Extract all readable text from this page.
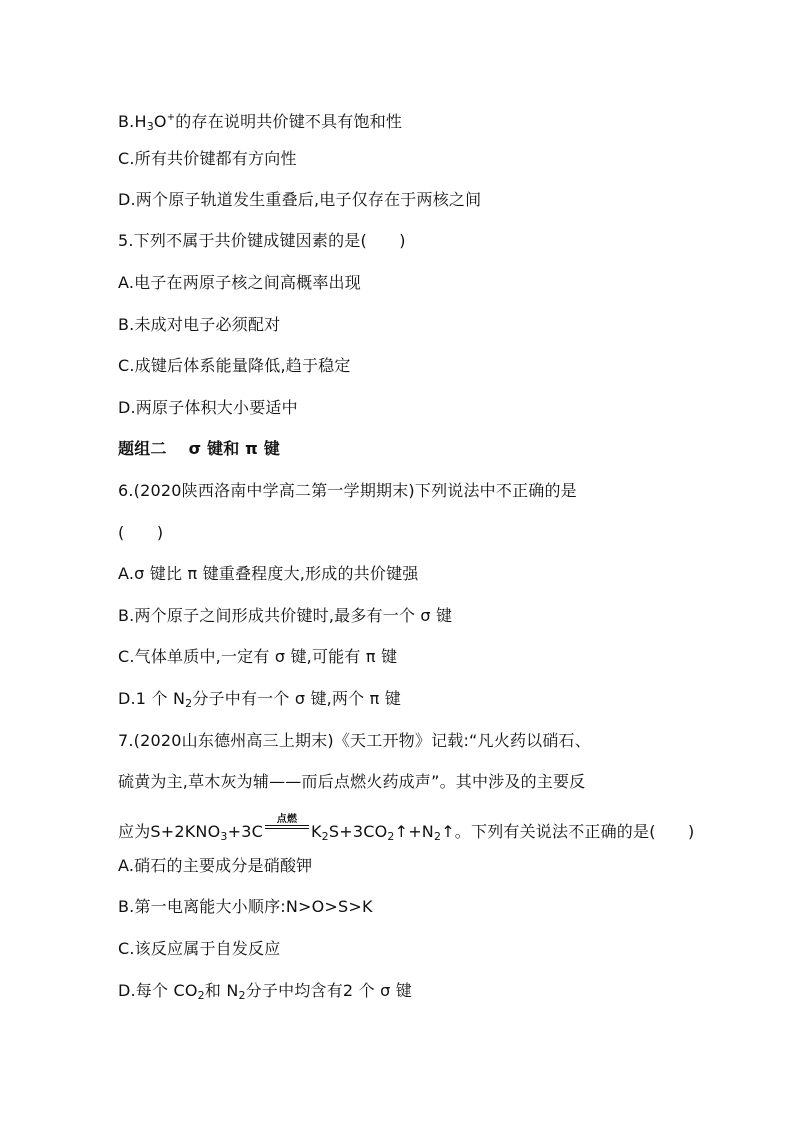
$B.H_3O^+$的存在说明共价键不具有饱和性
C.所有共价键都有方向性
D.两个原子轨道发生重叠后,电子仅存在于两核之间
5.下列不属于共价键成键因素的是(　　)
A.电子在两原子核之间高概率出现
B.未成对电子必须配对
C.成键后体系能量降低,趋于稳定
D.两原子体积大小要适中
题组二　 σ 键和 π 键
6.(2020陕西洛南中学高二第一学期期末)下列说法中不正确的是
(　　)
A.σ 键比 π 键重叠程度大,形成的共价键强
B.两个原子之间形成共价键时,最多有一个 σ 键
C.气体单质中,一定有 σ 键,可能有 π 键
D.1 个 $N_2$分子中有一个 σ 键,两个 π 键
7.(2020山东德州高三上期末)《天工开物》记载:“凡火药以硝石、
硫黄为主,草木灰为辅——而后点燃火药成声”。其中涉及的主要反
应为$S+2KNO_3+3C$
点燃
$K_2S+3CO_2↑+N_2↑$。下列有关说法不正确的是(　　)
A.硝石的主要成分是硝酸钾
B.第一电离能大小顺序:N>O>S>K
C.该反应属于自发反应
D.每个 $CO_2$和 $N_2$分子中均含有2 个 σ 键
